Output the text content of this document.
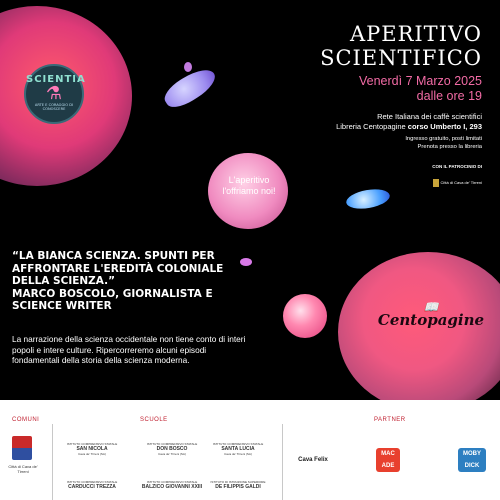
SCIENTIA
⚗
ARTE E CORAGGIO DI CONOSCERE
APERITIVO
SCIENTIFICO
Venerdì 7 Marzo 2025
dalle ore 19
Rete Italiana dei caffè scientifici
Libreria Centopagine corso Umberto I, 293
Ingresso gratuito, posti limitati
Prenota presso la libreria
CON IL PATROCINIO DI
Città di Cava de' Tirreni
L'aperitivo
l'offriamo noi!
“LA BIANCA SCIENZA. SPUNTI PER AFFRONTARE L'EREDITÀ COLONIALE DELLA SCIENZA.”
MARCO BOSCOLO, GIORNALISTA E SCIENCE WRITER
La narrazione della scienza occidentale non tiene conto di interi popoli e intere culture. Ripercorreremo alcuni episodi fondamentali della storia della scienza moderna.
📖
Centopagine
COMUNI	SCUOLE	PARTNER
Città di Cava de' Tirreni
ISTITUTO COMPRENSIVO STATALE
SAN NICOLA
Cava de' Tirreni (SA)
ISTITUTO COMPRENSIVO STATALE
DON BOSCO
Cava de' Tirreni (SA)
ISTITUTO COMPRENSIVO STATALE
SANTA LUCIA
Cava de' Tirreni (SA)
ISTITUTO COMPRENSIVO STATALE
CARDUCCI TREZZA
ISTITUTO COMPRENSIVO STATALE
BALZICO GIOVANNI XXIII
ISTITUTO DI ISTRUZIONE SUPERIORE
DE FILIPPIS GALDI
Cava Felix
MAC ADE
MOBY DICK
